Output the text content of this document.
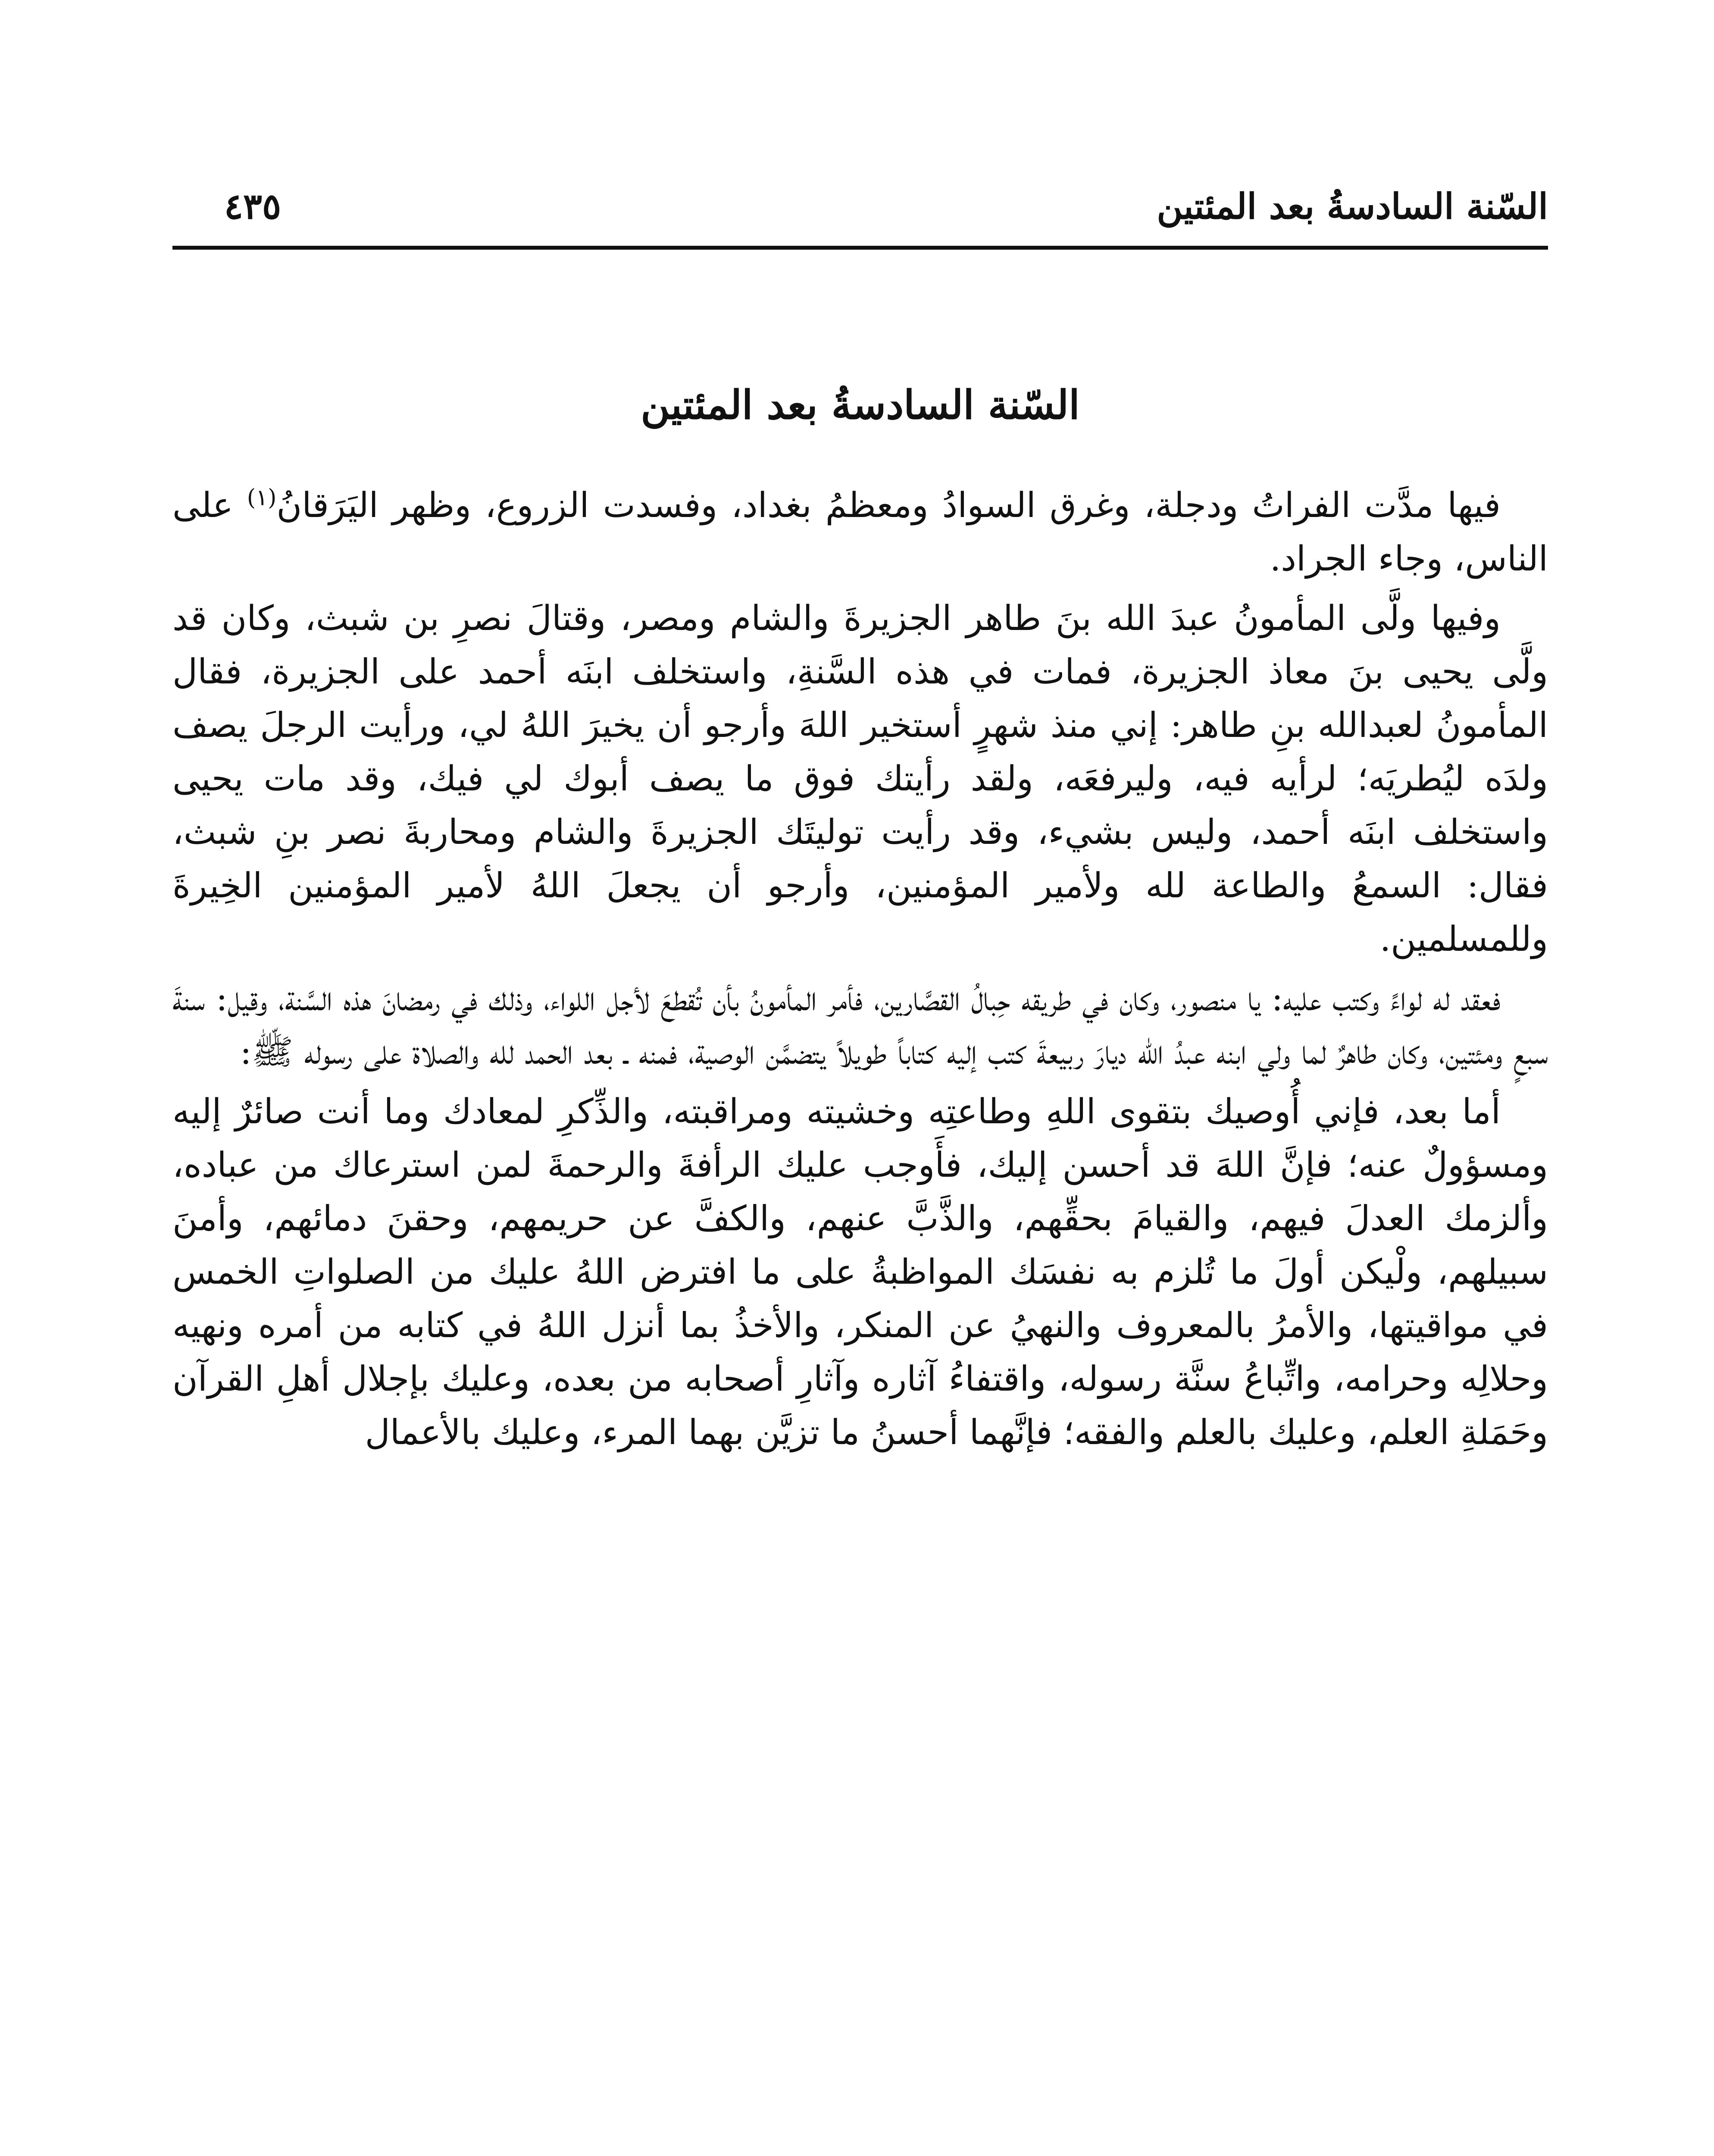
السّنة السادسةُ بعد المئتين
٤٣٥
السّنة السادسةُ بعد المئتين

فيها مدَّت الفراتُ ودجلة، وغرق السوادُ ومعظمُ بغداد، وفسدت الزروع، وظهر اليَرَقانُ$^{(١)}$ على الناس، وجاء الجراد.

وفيها ولَّى المأمونُ عبدَ الله بنَ طاهر الجزيرةَ والشام ومصر، وقتالَ نصرِ بن شبث، وكان قد ولَّى يحيى بنَ معاذ الجزيرة، فمات في هذه السَّنةِ، واستخلف ابنَه أحمد على الجزيرة، فقال المأمونُ لعبدالله بنِ طاهر: إني منذ شهرٍ أستخير اللهَ وأرجو أن يخيرَ اللهُ لي، ورأيت الرجلَ يصف ولدَه ليُطريَه؛ لرأيه فيه، وليرفعَه، ولقد رأيتك فوق ما يصف أبوك لي فيك، وقد مات يحيى واستخلف ابنَه أحمد، وليس بشيء، وقد رأيت توليتَك الجزيرةَ والشام ومحاربةَ نصر بنِ شبث، فقال: السمعُ والطاعة لله ولأمير المؤمنين، وأرجو أن يجعلَ اللهُ لأمير المؤمنين الخِيرةَ وللمسلمين.

فعقد له لواءً وكتب عليه: يا منصور، وكان في طريقه حِبالُ القصَّارين، فأمر المأمونُ بأن تُقطعَ لأجل اللواء، وذلك في رمضانَ هذه السَّنة، وقيل: سنةَ سبعٍ ومئتين، وكان طاهرٌ لما ولي ابنه عبدُ الله ديارَ ربيعةَ كتب إليه كتاباً طويلاً يتضمَّن الوصية، فمنه ـ بعد الحمد لله والصلاة على رسوله ﷺ:

أما بعد، فإني أُوصيك بتقوى اللهِ وطاعتِه وخشيته ومراقبته، والذِّكرِ لمعادك وما أنت صائرٌ إليه ومسؤولٌ عنه؛ فإنَّ اللهَ قد أحسن إليك، فأَوجب عليك الرأفةَ والرحمةَ لمن استرعاك من عباده، وألزمك العدلَ فيهم، والقيامَ بحقِّهم، والذَّبَّ عنهم، والكفَّ عن حريمهم، وحقنَ دمائهم، وأمنَ سبيلهم، ولْيكن أولَ ما تُلزم به نفسَك المواظبةُ على ما افترض اللهُ عليك من الصلواتِ الخمس في مواقيتها، والأمرُ بالمعروف والنهيُ عن المنكر، والأخذُ بما أنزل اللهُ في كتابه من أمره ونهيه وحلالِه وحرامه، واتِّباعُ سنَّة رسوله، واقتفاءُ آثاره وآثارِ أصحابه من بعده، وعليك بإجلال أهلِ القرآن وحَمَلةِ العلم، وعليك بالعلم والفقه؛ فإنَّهما أحسنُ ما تزيَّن بهما المرء، وعليك بالأعمال
